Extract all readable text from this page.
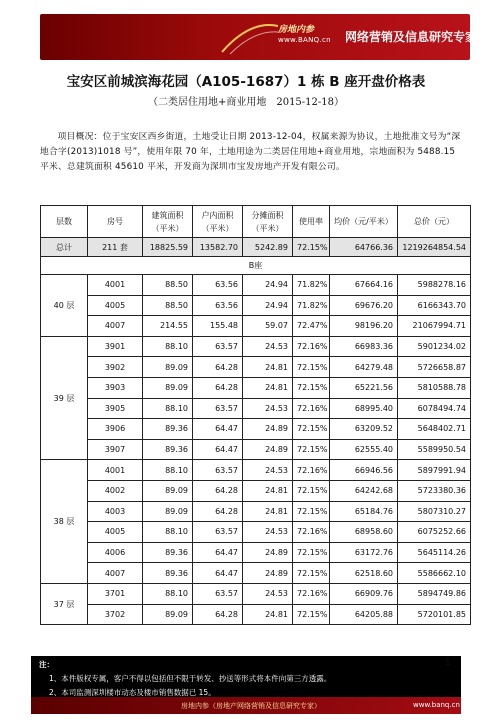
房地内参
www.BANQ.cn 网络营销及信息研究专家
宝安区前城滨海花园（A105-1687）1 栋 B 座开盘价格表
（二类居住用地+商业用地　2015-12-18）
项目概况：位于宝安区西乡街道，土地受让日期 2013-12-04，权属来源为协议，土地批准文号为“深地合字(2013)1018 号”，使用年限 70 年，土地用途为二类居住用地+商业用地，宗地面积为 5488.15 平米、总建筑面积 45610 平米，开发商为深圳市宝发房地产开发有限公司。
层数	房号	建筑面积（平米）	户内面积（平米）	分摊面积（平米）	使用率	均价（元/平米）	总价（元）
总计	211 套	18825.59	13582.70	5242.89	72.15%	64766.36	1219264854.54
B座							
40 层	4001	88.50	63.56	24.94	71.82%	67664.16	5988278.16
	4005	88.50	63.56	24.94	71.82%	69676.20	6166343.70
	4007	214.55	155.48	59.07	72.47%	98196.20	21067994.71
39 层	3901	88.10	63.57	24.53	72.16%	66983.36	5901234.02
	3902	89.09	64.28	24.81	72.15%	64279.48	5726658.87
	3903	89.09	64.28	24.81	72.15%	65221.56	5810588.78
	3905	88.10	63.57	24.53	72.16%	68995.40	6078494.74
	3906	89.36	64.47	24.89	72.15%	63209.52	5648402.71
	3907	89.36	64.47	24.89	72.15%	62555.40	5589950.54
38 层	4001	88.10	63.57	24.53	72.16%	66946.56	5897991.94
	4002	89.09	64.28	24.81	72.15%	64242.68	5723380.36
	4003	89.09	64.28	24.81	72.15%	65184.76	5807310.27
	4005	88.10	63.57	24.53	72.16%	68958.60	6075252.66
	4006	89.36	64.47	24.89	72.15%	63172.76	5645114.26
	4007	89.36	64.47	24.89	72.15%	62518.60	5586662.10
37 层	3701	88.10	63.57	24.53	72.16%	66909.76	5894749.86
	3702	89.09	64.28	24.81	72.15%	64205.88	5720101.85
注：
1、本件版权专属，客户不得以包括但不限于转发、抄送等形式将本件向第三方透露。
2、本司监测深圳楼市动态及楼市销售数据已 15。
1
房地内参（房地产网络营销及信息研究专家）	www.banq.cn
